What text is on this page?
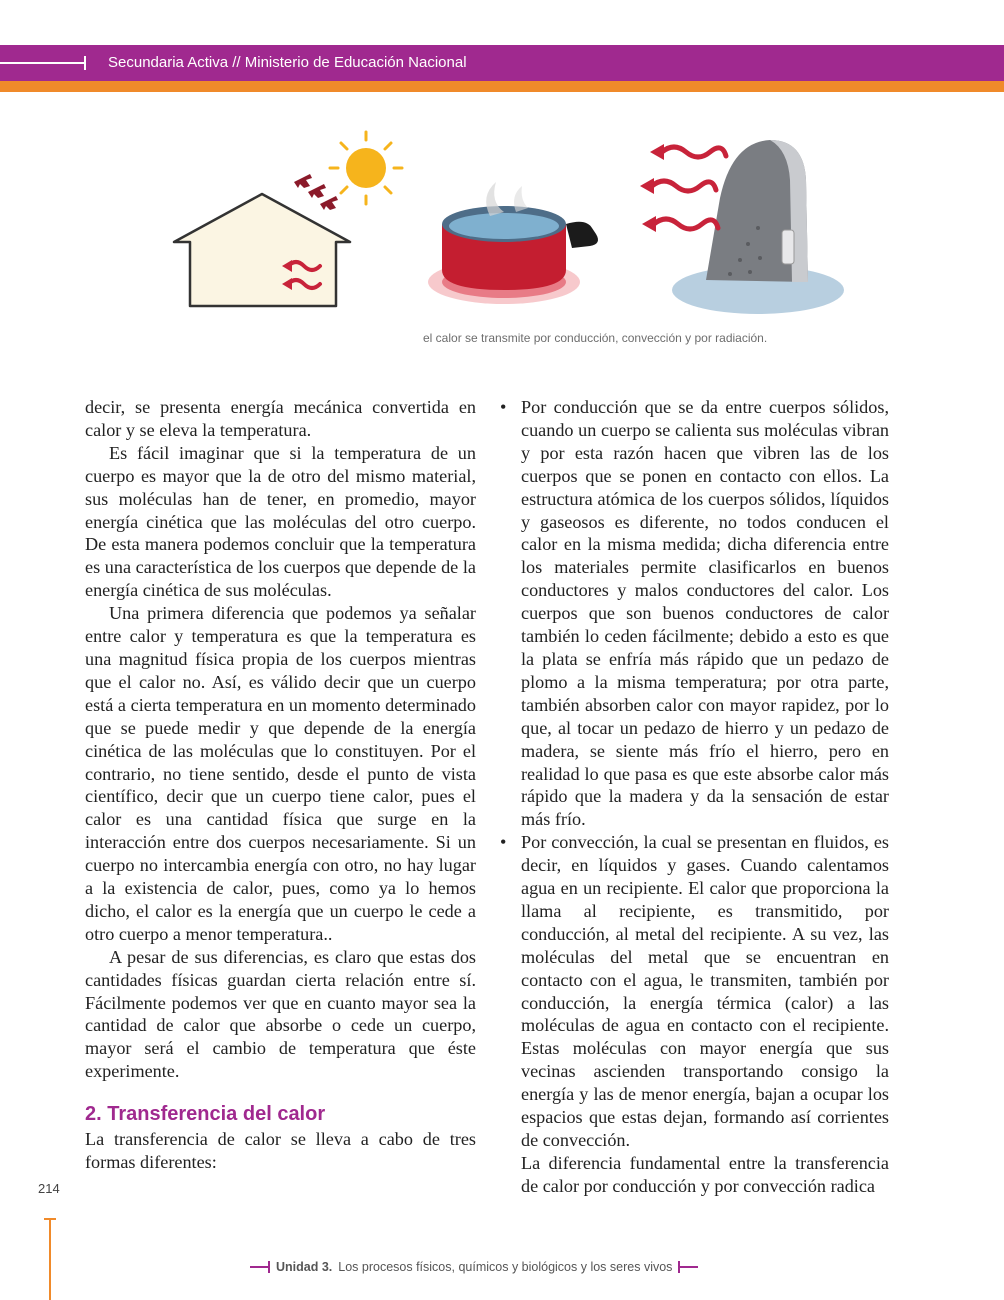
Secundaria Activa // Ministerio de Educación Nacional
el calor se transmite por conducción, convección y por radiación.

decir, se presenta energía mecánica convertida en calor y se eleva la temperatura.

Es fácil imaginar que si la temperatura de un cuerpo es mayor que la de otro del mismo material, sus moléculas han de tener, en promedio, mayor energía cinética que las moléculas del otro cuerpo. De esta manera podemos concluir que la temperatura es una característica de los cuerpos que depende de la energía cinética de sus moléculas.

Una primera diferencia que podemos ya señalar entre calor y temperatura es que la temperatura es una magnitud física propia de los cuerpos mientras que el calor no. Así, es válido decir que un cuerpo está a cierta temperatura en un momento determinado que se puede medir y que depende de la energía cinética de las moléculas que lo constituyen. Por el contrario, no tiene sentido, desde el punto de vista científico, decir que un cuerpo tiene calor, pues el calor es una cantidad física que surge en la interacción entre dos cuerpos necesariamente. Si un cuerpo no intercambia energía con otro, no hay lugar a la existencia de calor, pues, como ya lo hemos dicho, el calor es la energía que un cuerpo le cede a otro cuerpo a menor temperatura..

A pesar de sus diferencias, es claro que estas dos cantidades físicas guardan cierta relación entre sí. Fácilmente podemos ver que en cuanto mayor sea la cantidad de calor que absorbe o cede un cuerpo, mayor será el cambio de temperatura que éste experimente.

2. Transferencia del calor

La transferencia de calor se lleva a cabo de tres formas diferentes:

• Por conducción que se da entre cuerpos sólidos, cuando un cuerpo se calienta sus moléculas vibran y por esta razón hacen que vibren las de los cuerpos que se ponen en contacto con ellos. La estructura atómica de los cuerpos sólidos, líquidos y gaseosos es diferente, no todos conducen el calor en la misma medida; dicha diferencia entre los materiales permite clasificarlos en buenos conductores y malos conductores del calor. Los cuerpos que son buenos conductores de calor también lo ceden fácilmente; debido a esto es que la plata se enfría más rápido que un pedazo de plomo a la misma temperatura; por otra parte, también absorben calor con mayor rapidez, por lo que, al tocar un pedazo de hierro y un pedazo de madera, se siente más frío el hierro, pero en realidad lo que pasa es que este absorbe calor más rápido que la madera y da la sensación de estar más frío.

• Por convección, la cual se presentan en fluidos, es decir, en líquidos y gases. Cuando calentamos agua en un recipiente. El calor que proporciona la llama al recipiente, es transmitido, por conducción, al metal del recipiente. A su vez, las moléculas del metal que se encuentran en contacto con el agua, le transmiten, también por conducción, la energía térmica (calor) a las moléculas de agua en contacto con el recipiente. Estas moléculas con mayor energía que sus vecinas ascienden transportando consigo la energía y las de menor energía, bajan a ocupar los espacios que estas dejan, formando así corrientes de convección.

La diferencia fundamental entre la transferencia de calor por conducción y por convección radica

214
Unidad 3. Los procesos físicos, químicos y biológicos y los seres vivos
